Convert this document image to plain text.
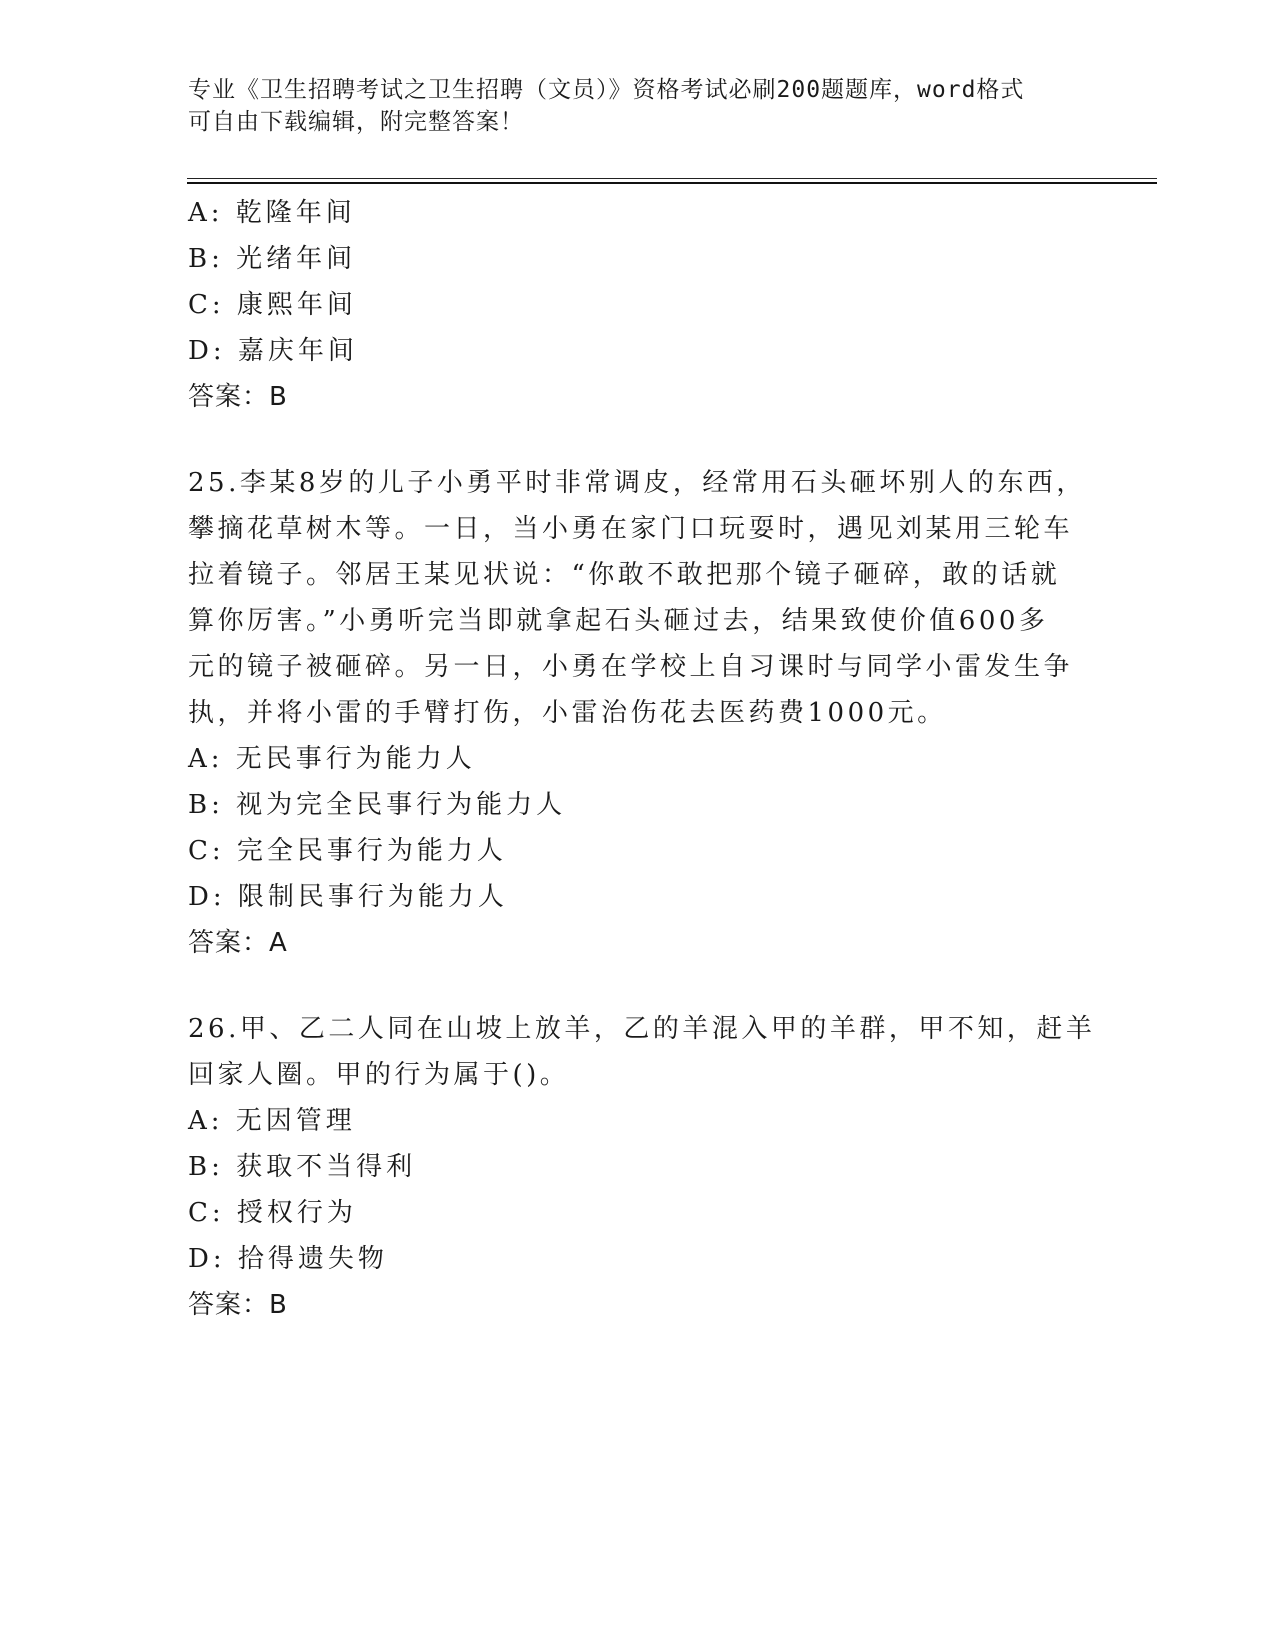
专业《卫生招聘考试之卫生招聘（文员）》资格考试必刷200题题库，word格式
可自由下载编辑，附完整答案！
A: 乾隆年间
B: 光绪年间
C: 康熙年间
D: 嘉庆年间
答案：B
25.李某8岁的儿子小勇平时非常调皮，经常用石头砸坏别人的东西，
攀摘花草树木等。一日，当小勇在家门口玩耍时，遇见刘某用三轮车
拉着镜子。邻居王某见状说：“你敢不敢把那个镜子砸碎，敢的话就
算你厉害。”小勇听完当即就拿起石头砸过去，结果致使价值600多
元的镜子被砸碎。另一日，小勇在学校上自习课时与同学小雷发生争
执，并将小雷的手臂打伤，小雷治伤花去医药费1000元。
A: 无民事行为能力人
B: 视为完全民事行为能力人
C: 完全民事行为能力人
D: 限制民事行为能力人
答案：A
26.甲、乙二人同在山坡上放羊，乙的羊混入甲的羊群，甲不知，赶羊
回家人圈。甲的行为属于()。
A: 无因管理
B: 获取不当得利
C: 授权行为
D: 拾得遗失物
答案：B
